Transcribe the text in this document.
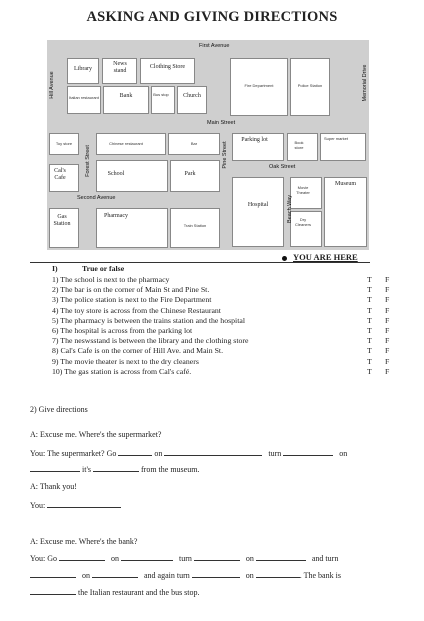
ASKING AND GIVING DIRECTIONS
Library
News stand
Clothing Store
Italian restaurant	Bank	Bus stop	Church
Fire Department	Police Station
Toy store	Chinese restaurant	Bar
Cal's Cafe
School	Park
Parking lot	Book store
Super market
Hospital
Movie Theater
Museum
Dry Cleaners
Gas Station
Pharmacy
Train Station
First Avenue
Main Street
Oak Street
Second Avenue
Hill Avenue	Memorial Drive
Forest Street	Pine Street
Beach Way
YOU ARE HERE
I)	True or false
1) The school is next to the pharmacy	T F
2) The bar is on the corner of Main St and Pine St.	T F
3) The police station is next to the Fire Department	T F
4) The toy store is across from the Chinese Restaurant	T F
5) The pharmacy is between the trains station and the hospital	T F
6) The hospital is across from the parking lot	T F
7) The neswsstand is between the library and the clothing store	T F
8) Cal's Cafe is on the corner of Hill Ave. and Main St.	T F
9) The movie theater is next to the dry cleaners	T F
10) The gas station is across from Cal's café.	T F
2) Give directions
A: Excuse me. Where's the supermarket?
You: The supermarket? Go	on	turn	on
it's	from the museum.
A: Thank you!
You:
A: Excuse me. Where's the bank?
You: Go	on	turn	on	and turn
on	and again turn	on	. The bank is
the Italian restaurant and the bus stop.
